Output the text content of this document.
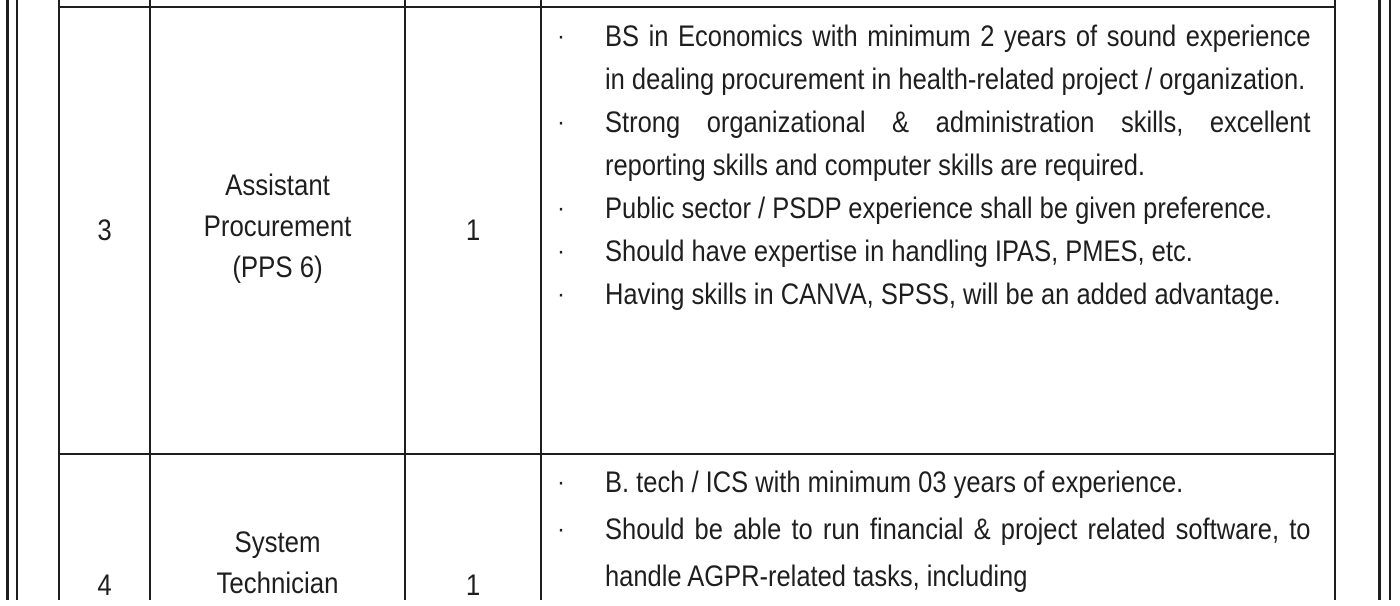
3
Assistant
Procurement
(PPS 6)
1
· BS in Economics with minimum 2 years of sound experience in dealing procurement in health-related project / organization.
· Strong organizational & administration skills, excellent reporting skills and computer skills are required.
· Public sector / PSDP experience shall be given preference.
· Should have expertise in handling IPAS, PMES, etc.
· Having skills in CANVA, SPSS, will be an added advantage.
4
System
Technician	1
· B. tech / ICS with minimum 03 years of experience.
· Should be able to run financial & project related software, to handle AGPR-related tasks, including
